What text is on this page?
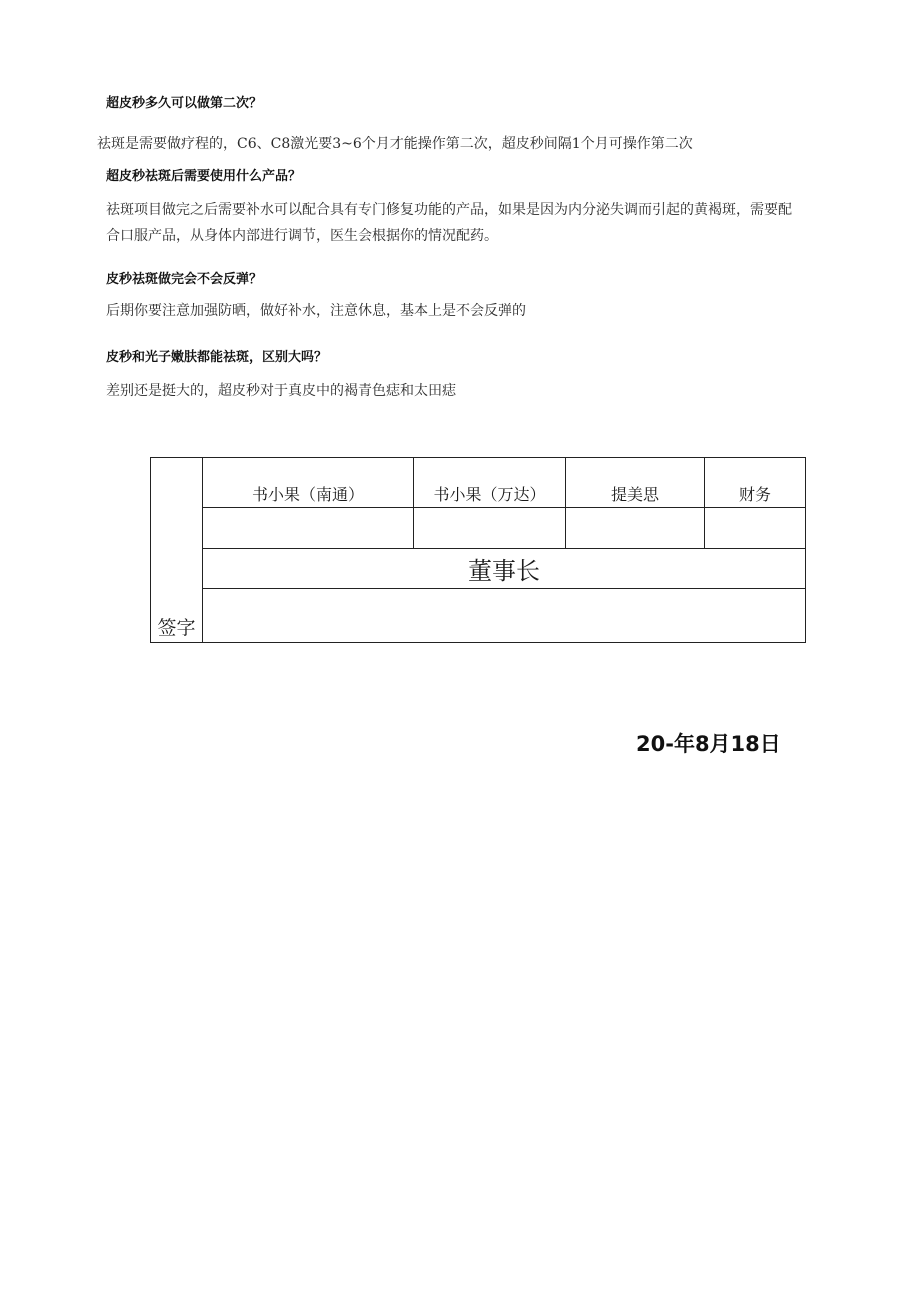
超皮秒多久可以做第二次？
祛斑是需要做疗程的，C6、C8激光要3~6个月才能操作第二次，超皮秒间隔1个月可操作第二次
超皮秒祛斑后需要使用什么产品？
祛斑项目做完之后需要补水可以配合具有专门修复功能的产品，如果是因为内分泌失调而引起的黄褐斑，需要配合口服产品，从身体内部进行调节，医生会根据你的情况配药。
皮秒祛斑做完会不会反弹？
后期你要注意加强防晒，做好补水，注意休息，基本上是不会反弹的
皮秒和光子嫩肤都能祛斑，区别大吗？
差别还是挺大的，超皮秒对于真皮中的褐青色痣和太田痣
签字	书小果（南通）	书小果（万达）	提美思	财务

	董事长			

20-年8月18日
